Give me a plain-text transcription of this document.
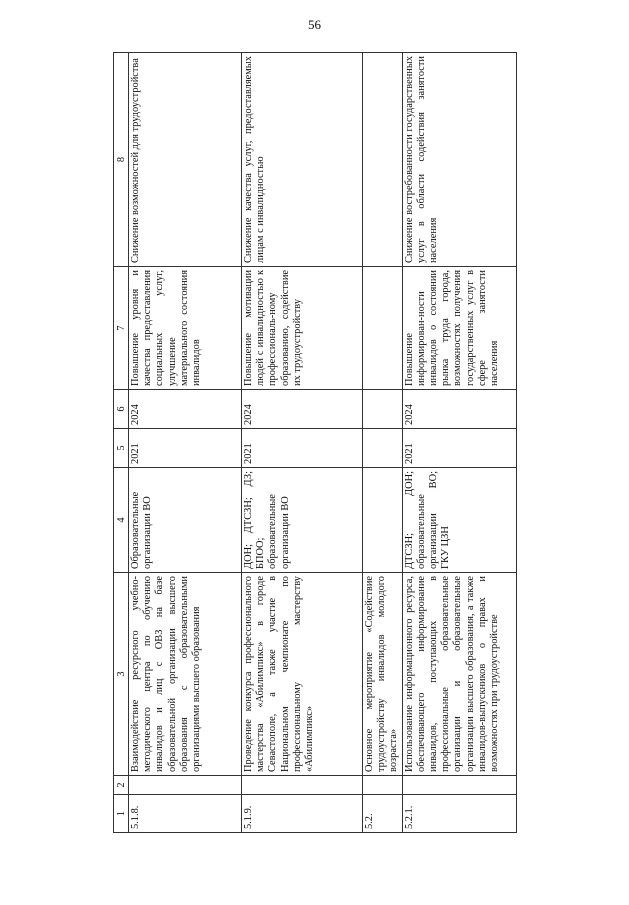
56
1	2	3	4	5	6	7	8
5.1.8.		Взаимодействие ресурсного учебно-методического центра по обучению инвалидов и лиц с ОВЗ на базе образовательной организации высшего образования с образовательными организациями высшего образования	Образовательные организации ВО	2021	2024	Повышение уровня и качества предоставления социальных услуг, улучшение материального состояния инвалидов	Снижение возможностей для трудоустройства
5.1.9.		Проведение конкурса профессионального мастерства «Абилимпикс» в городе Севастополе, а также участие в Национальном чемпионате по профессиональному мастерству «Абилимпикс»	ДОН; ДТСЗН; ДЗ; БПОО; образовательные организации ВО	2021	2024	Повышение мотивации людей с инвалидностью к профессиональ-ному образованию, содействие их трудоустройству	Снижение качества услуг, предоставляемых лицам с инвалидностью
5.2.		Основное мероприятие «Содействие трудоустройству инвалидов молодого возраста»					
5.2.1.		Использование информационного ресурса, обеспечивающего информирование инвалидов, поступающих в профессиональные образовательные организации и образовательные организации высшего образования, а также инвалидов-выпускников о правах и возможностях при трудоустройстве	ДТСЗН; ДОН; образовательные организации ВО; ГКУ ЦЗН	2021	2024	Повышение информирован-ности инвалидов о состоянии рынка труда города, возможностях получения государственных услуг в сфере занятости населения	Снижение востребованности государственных услуг в области содействия занятости населения
